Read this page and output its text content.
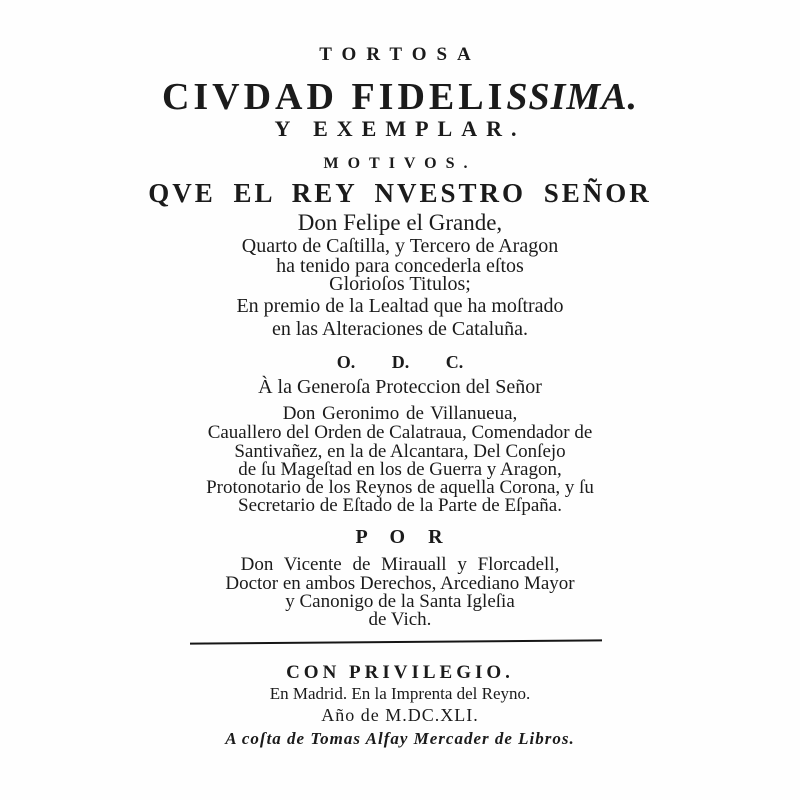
TORTOSA
CIVDAD FIDELISSIMA.
Y EXEMPLAR.
MOTIVOS.
QVE EL REY NVESTRO SEÑOR
Don Felipe el Grande,
Quarto de Caſtilla, y Tercero de Aragon
ha tenido para concederla eſtos
Glorioſos Titulos;
En premio de la Lealtad que ha moſtrado
en las Alteraciones de Cataluña.
O. D. C.
À la Generoſa Proteccion del Señor
Don Geronimo de Villanueua,
Cauallero del Orden de Calatraua, Comendador de
Santivañez, en la de Alcantara, Del Conſejo
de ſu Mageſtad en los de Guerra y Aragon,
Protonotario de los Reynos de aquella Corona, y ſu
Secretario de Eſtado de la Parte de Eſpaña.
P O R
Don Vicente de Mirauall y Florcadell,
Doctor en ambos Derechos, Arcediano Mayor
y Canonigo de la Santa Igleſia
de Vich.
CON PRIVILEGIO.
En Madrid. En la Imprenta del Reyno.
Año de M.DC.XLI.
A coſta de Tomas Alfay Mercader de Libros.
